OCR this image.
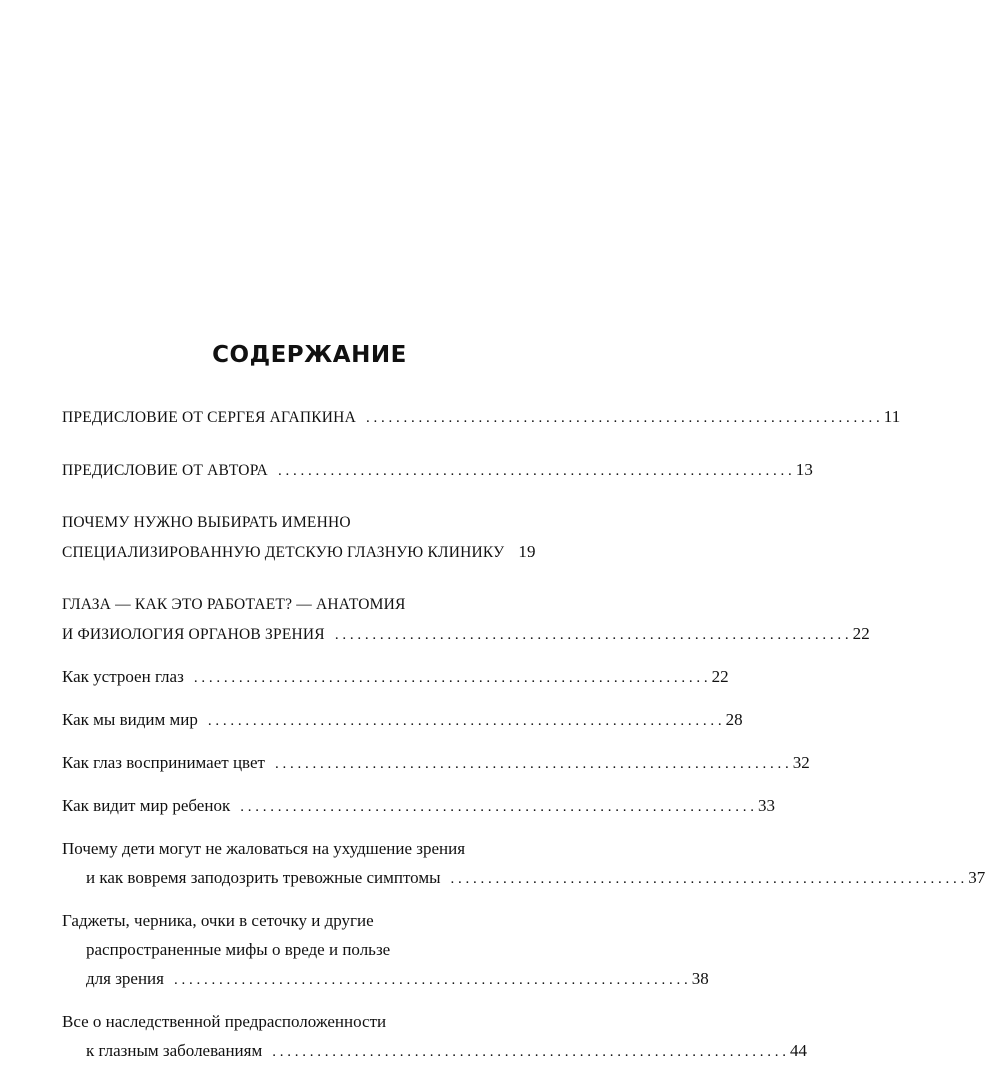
СОДЕРЖАНИЕ
ПРЕДИСЛОВИЕ ОТ СЕРГЕЯ АГАПКИНА . . .	11
ПРЕДИСЛОВИЕ ОТ АВТОРА . . .	13
ПОЧЕМУ НУЖНО ВЫБИРАТЬ ИМЕННО
СПЕЦИАЛИЗИРОВАННУЮ ДЕТСКУЮ ГЛАЗНУЮ КЛИНИКУ 19
ГЛАЗА — КАК ЭТО РАБОТАЕТ? — АНАТОМИЯ
И ФИЗИОЛОГИЯ ОРГАНОВ ЗРЕНИЯ . . .	22
Как устроен глаз . . .	22
Как мы видим мир . . .	28
Как глаз воспринимает цвет . . .	32
Как видит мир ребенок . . .	33
Почему дети могут не жаловаться на ухудшение зрения
и как вовремя заподозрить тревожные симптомы . . .	37
Гаджеты, черника, очки в сеточку и другие
распространенные мифы о вреде и пользе
для зрения . . .	38
Все о наследственной предрасположенности
к глазным заболеваниям . . .	44
